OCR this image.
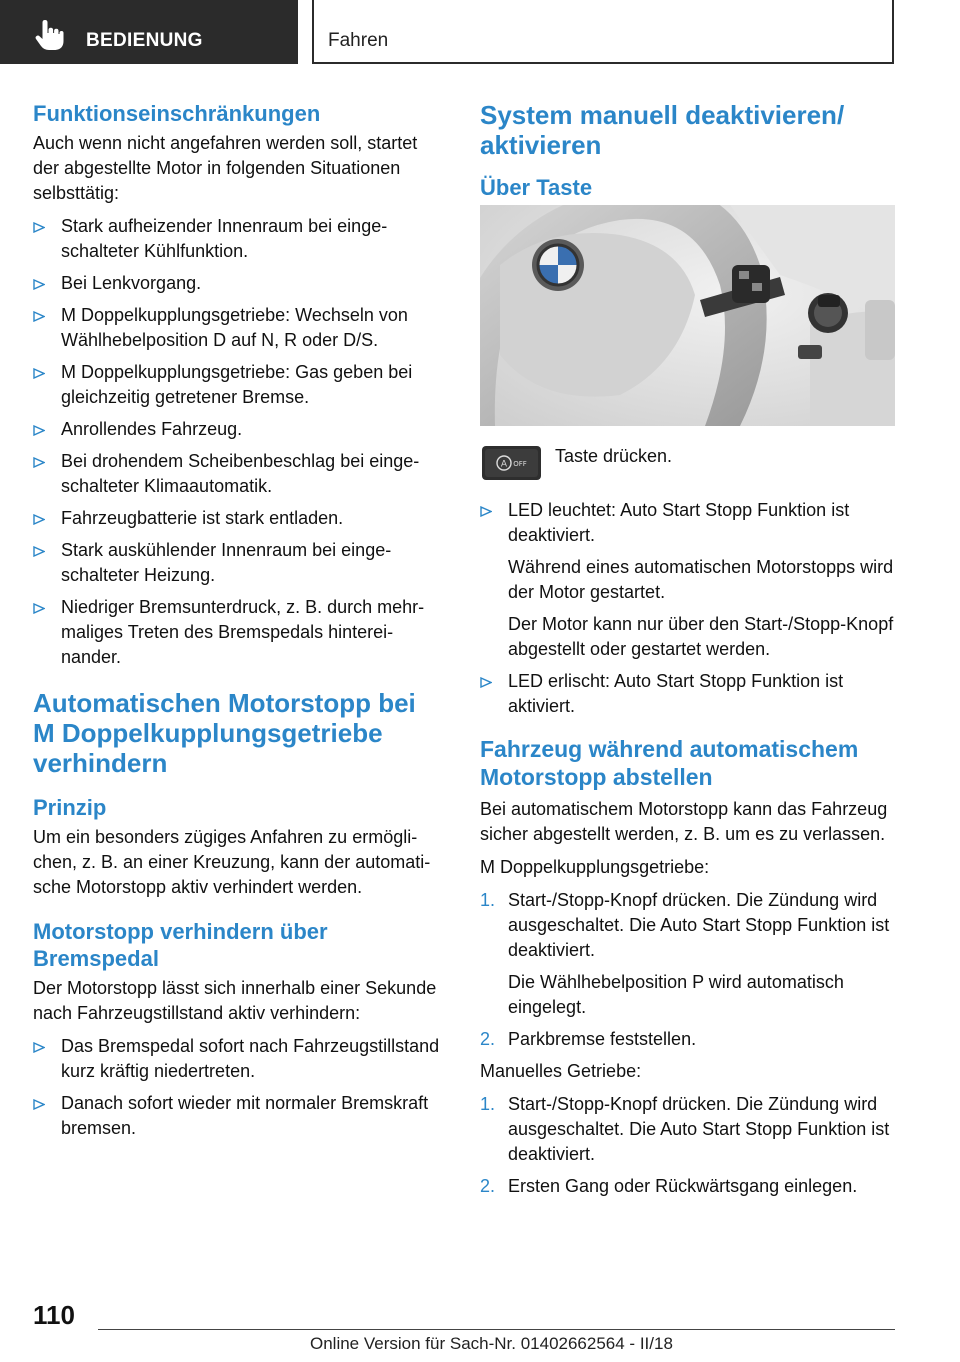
BEDIENUNG	Fahren
Funktionseinschränkungen

Auch wenn nicht angefahren werden soll, startet der abgestellte Motor in folgenden Situationen selbsttätig:

Stark aufheizender Innenraum bei eingeschalteter Kühlfunktion.
Bei Lenkvorgang.
M Doppelkupplungsgetriebe: Wechseln von Wählhebelposition D auf N, R oder D/S.
M Doppelkupplungsgetriebe: Gas geben bei gleichzeitig getretener Bremse.
Anrollendes Fahrzeug.
Bei drohendem Scheibenbeschlag bei eingeschalteter Klimaautomatik.
Fahrzeugbatterie ist stark entladen.
Stark auskühlender Innenraum bei eingeschalteter Heizung.
Niedriger Bremsunterdruck, z. B. durch mehrmaliges Treten des Bremspedals hintereinander.
Automatischen Motorstopp bei M Doppelkupplungsgetriebe verhindern
Prinzip

Um ein besonders zügiges Anfahren zu ermöglichen, z. B. an einer Kreuzung, kann der automatische Motorstopp aktiv verhindert werden.

Motorstopp verhindern über Bremspedal

Der Motorstopp lässt sich innerhalb einer Sekunde nach Fahrzeugstillstand aktiv verhindern:

Das Bremspedal sofort nach Fahrzeugstillstand kurz kräftig niedertreten.
Danach sofort wieder mit normaler Bremskraft bremsen.
System manuell deaktivieren/ aktivieren
Über Taste
A OFF Taste drücken.
LED leuchtet: Auto Start Stopp Funktion ist deaktiviert.
Während eines automatischen Motorstopps wird der Motor gestartet.
Der Motor kann nur über den Start-/Stopp-Knopf abgestellt oder gestartet werden.
LED erlischt: Auto Start Stopp Funktion ist aktiviert.
Fahrzeug während automatischem Motorstopp abstellen

Bei automatischem Motorstopp kann das Fahrzeug sicher abgestellt werden, z. B. um es zu verlassen.

M Doppelkupplungsgetriebe:

1. Start-/Stopp-Knopf drücken. Die Zündung wird ausgeschaltet. Die Auto Start Stopp Funktion ist deaktiviert.
Die Wählhebelposition P wird automatisch eingelegt.
2. Parkbremse feststellen.

Manuelles Getriebe:

1. Start-/Stopp-Knopf drücken. Die Zündung wird ausgeschaltet. Die Auto Start Stopp Funktion ist deaktiviert.
2. Ersten Gang oder Rückwärtsgang einlegen.
110
Online Version für Sach-Nr. 01402662564 - II/18
